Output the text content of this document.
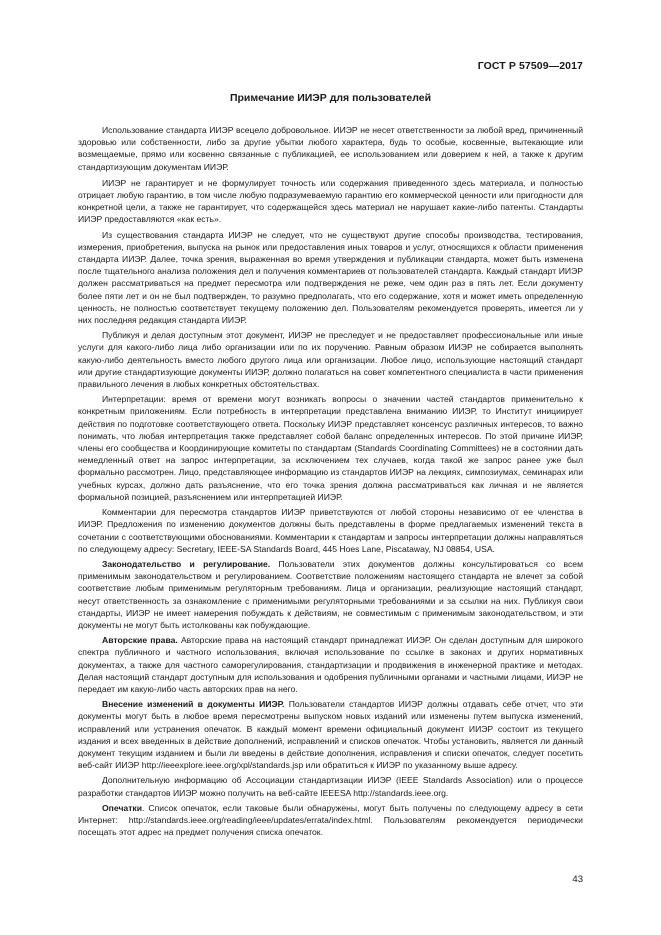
ГОСТ Р 57509—2017
Примечание ИИЭР для пользователей

Использование стандарта ИИЭР всецело добровольное. ИИЭР не несет ответственности за любой вред, причиненный здоровью или собственности, либо за другие убытки любого характера, будь то особые, косвенные, вытекающие или возмещаемые, прямо или косвенно связанные с публикацией, ее использованием или доверием к ней, а также к другим стандартизующим документам ИИЭР.

ИИЭР не гарантирует и не формулирует точность или содержания приведенного здесь материала, и полностью отрицает любую гарантию, в том числе любую подразумеваемую гарантию его коммерческой ценности или пригодности для конкретной цели, а также не гарантирует, что содержащейся здесь материал не нарушает какие-либо патенты. Стандарты ИИЭР предоставляются «как есть».

Из существования стандарта ИИЭР не следует, что не существуют другие способы производства, тестирования, измерения, приобретения, выпуска на рынок или предоставления иных товаров и услуг, относящихся к области применения стандарта ИИЭР. Далее, точка зрения, выраженная во время утверждения и публикации стандарта, может быть изменена после тщательного анализа положения дел и получения комментариев от пользователей стандарта. Каждый стандарт ИИЭР должен рассматриваться на предмет пересмотра или подтверждения не реже, чем один раз в пять лет. Если документу более пяти лет и он не был подтвержден, то разумно предполагать, что его содержание, хотя и может иметь определенную ценность, не полностью соответствует текущему положению дел. Пользователям рекомендуется проверять, имеется ли у них последняя редакция стандарта ИИЭР.

Публикуя и делая доступным этот документ, ИИЭР не преследует и не предоставляет профессиональные или иные услуги для какого-либо лица либо организации или по их поручению. Равным образом ИИЭР не собирается выполнять какую-либо деятельность вместо любого другого лица или организации. Любое лицо, использующие настоящий стандарт или другие стандартизующие документы ИИЭР, должно полагаться на совет компетентного специалиста в части применения правильного лечения в любых конкретных обстоятельствах.

Интерпретации: время от времени могут возникать вопросы о значении частей стандартов применительно к конкретным приложениям. Если потребность в интерпретации представлена вниманию ИИЭР, то Институт инициирует действия по подготовке соответствующего ответа. Поскольку ИИЭР представляет консенсус различных интересов, то важно понимать, что любая интерпретация также представляет собой баланс определенных интересов. По этой причине ИИЭР, члены его сообщества и Координирующие комитеты по стандартам (Standards Coordinating Committees) не в состоянии дать немедленный ответ на запрос интерпретации, за исключением тех случаев, когда такой же запрос ранее уже был формально рассмотрен. Лицо, представляющее информацию из стандартов ИИЭР на лекциях, симпозиумах, семинарах или учебных курсах, должно дать разъяснение, что его точка зрения должна рассматриваться как личная и не является формальной позицией, разъяснением или интерпретацией ИИЭР.

Комментарии для пересмотра стандартов ИИЭР приветствуются от любой стороны независимо от ее членства в ИИЭР. Предложения по изменению документов должны быть представлены в форме предлагаемых изменений текста в сочетании с соответствующими обоснованиями. Комментарии к стандартам и запросы интерпретации должны направляться по следующему адресу: Secretary, IEEE-SA Standards Board, 445 Hoes Lane, Piscataway, NJ 08854, USA.

Законодательство и регулирование. Пользователи этих документов должны консультироваться со всем применимым законодательством и регулированием. Соответствие положениям настоящего стандарта не влечет за собой соответствие любым применимым регуляторным требованиям. Лица и организации, реализующие настоящий стандарт, несут ответственность за ознакомление с применимыми регуляторными требованиями и за ссылки на них. Публикуя свои стандарты, ИИЭР не имеет намерения побуждать к действиям, не совместимым с применимым законодательством, и эти документы не могут быть истолкованы как побуждающие.

Авторские права. Авторские права на настоящий стандарт принадлежат ИИЭР. Он сделан доступным для широкого спектра публичного и частного использования, включая использование по ссылке в законах и других нормативных документах, а также для частного саморегулирования, стандартизации и продвижения в инженерной практике и методах. Делая настоящий стандарт доступным для использования и одобрения публичными органами и частными лицами, ИИЭР не передает им какую-либо часть авторских прав на него.

Внесение изменений в документы ИИЭР. Пользователи стандартов ИИЭР должны отдавать себе отчет, что эти документы могут быть в любое время пересмотрены выпуском новых изданий или изменены путем выпуска изменений, исправлений или устранения опечаток. В каждый момент времени официальный документ ИИЭР состоит из текущего издания и всех введенных в действие дополнений, исправлений и списков опечаток. Чтобы установить, является ли данный документ текущим изданием и были ли введены в действие дополнения, исправления и списки опечаток, следует посетить веб-сайт ИИЭР http://ieeexplore.ieee.org/xpl/standards.jsp или обратиться к ИИЭР по указанному выше адресу.

Дополнительную информацию об Ассоциации стандартизации ИИЭР (IEEE Standards Association) или о процессе разработки стандартов ИИЭР можно получить на веб-сайте IEEESA http://standards.ieee.org.

Опечатки. Список опечаток, если таковые были обнаружены, могут быть получены по следующему адресу в сети Интернет: http://standards.ieee.org/reading/ieee/updates/errata/index.html. Пользователям рекомендуется периодически посещать этот адрес на предмет получения списка опечаток.

43
